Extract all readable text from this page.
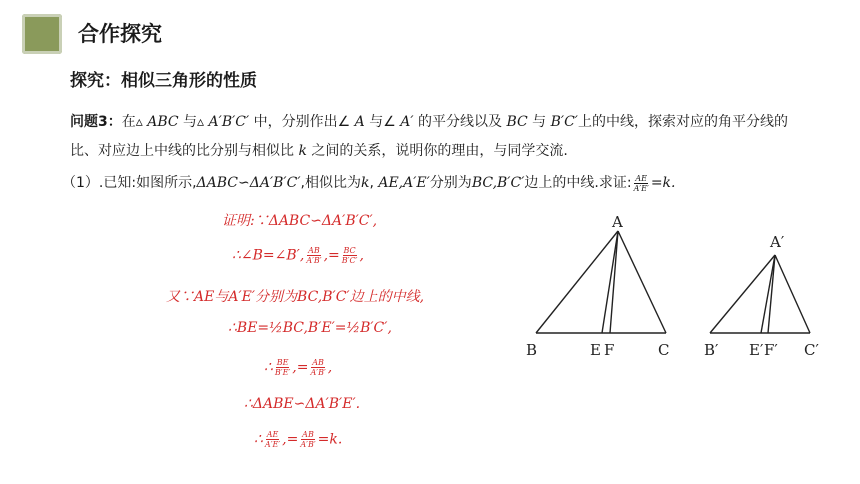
合作探究
探究：相似三角形的性质
问题3：在▵ ABC 与▵ A′B′C′ 中，分别作出∠ A 与∠ A′ 的平分线以及 BC 与 B′C′上的中线，探索对应的角平分线的比、对应边上中线的比分别与相似比 k 之间的关系，说明你的理由，与同学交流.
（1）.已知:如图所示,ΔABC∽ΔA′B′C′,相似比为k, AE,A′E′分别为BC,B′C′边上的中线.求证: $\frac{AE}{A'E'} =k$.
证明:∵ΔABC∽ΔA′B′C′,
∴∠B=∠B′, $\frac{AB}{A'B'}$ ,= $\frac{BC}{B'C'}$ ,
又∵AE与A′E′分别为BC,B′C′边上的中线,
∴BE=½BC,B′E′=½B′C′,
∴ $\frac{BE}{B'E'}$ ,= $\frac{AB}{A'B'}$ ,
∴ΔABE∽ΔA′B′E′.
∴ $\frac{AE}{A'E'}$ ,= $\frac{AB}{A'B'} =k$.
B
A
E F	C B′
A′
E′ F′ C′
